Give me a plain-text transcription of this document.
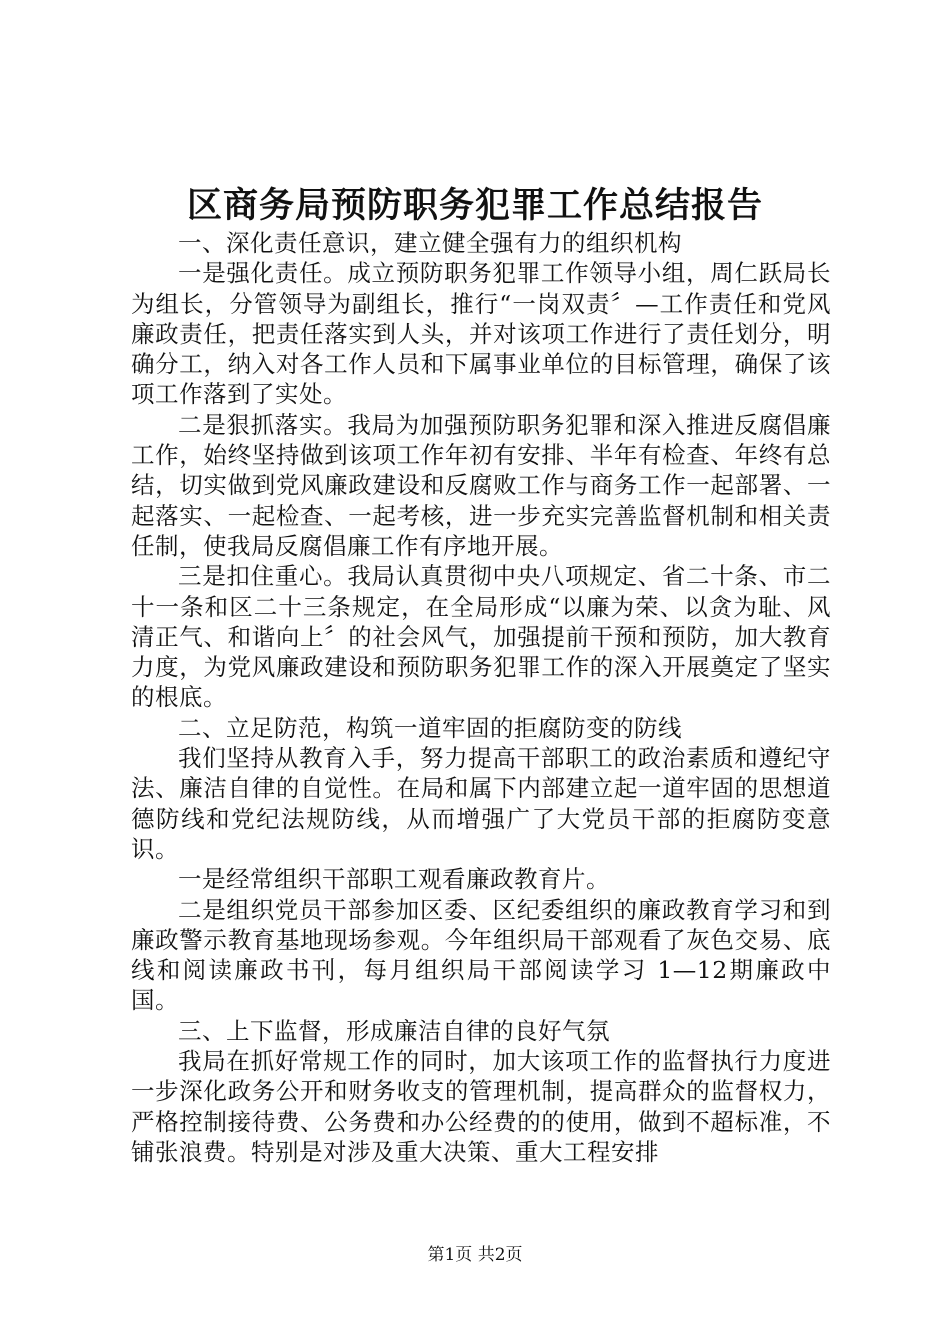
区商务局预防职务犯罪工作总结报告

一、深化责任意识，建立健全强有力的组织机构

一是强化责任。成立预防职务犯罪工作领导小组，周仁跃局长为组长，分管领导为副组长，推行“一岗双责〞—工作责任和党风廉政责任，把责任落实到人头，并对该项工作进行了责任划分，明确分工，纳入对各工作人员和下属事业单位的目标管理，确保了该项工作落到了实处。

二是狠抓落实。我局为加强预防职务犯罪和深入推进反腐倡廉工作，始终坚持做到该项工作年初有安排、半年有检查、年终有总结，切实做到党风廉政建设和反腐败工作与商务工作一起部署、一起落实、一起检查、一起考核，进一步充实完善监督机制和相关责任制，使我局反腐倡廉工作有序地开展。

三是扣住重心。我局认真贯彻中央八项规定、省二十条、市二十一条和区二十三条规定，在全局形成“以廉为荣、以贪为耻、风清正气、和谐向上〞的社会风气，加强提前干预和预防，加大教育力度，为党风廉政建设和预防职务犯罪工作的深入开展奠定了坚实的根底。

二、立足防范，构筑一道牢固的拒腐防变的防线

我们坚持从教育入手，努力提高干部职工的政治素质和遵纪守法、廉洁自律的自觉性。在局和属下内部建立起一道牢固的思想道德防线和党纪法规防线，从而增强广了大党员干部的拒腐防变意识。

一是经常组织干部职工观看廉政教育片。

二是组织党员干部参加区委、区纪委组织的廉政教育学习和到廉政警示教育基地现场参观。今年组织局干部观看了灰色交易、底线和阅读廉政书刊，每月组织局干部阅读学习 1—12期廉政中国。

三、上下监督，形成廉洁自律的良好气氛

我局在抓好常规工作的同时，加大该项工作的监督执行力度进一步深化政务公开和财务收支的管理机制，提高群众的监督权力，严格控制接待费、公务费和办公经费的的使用，做到不超标准，不铺张浪费。特别是对涉及重大决策、重大工程安排

第1页 共2页
